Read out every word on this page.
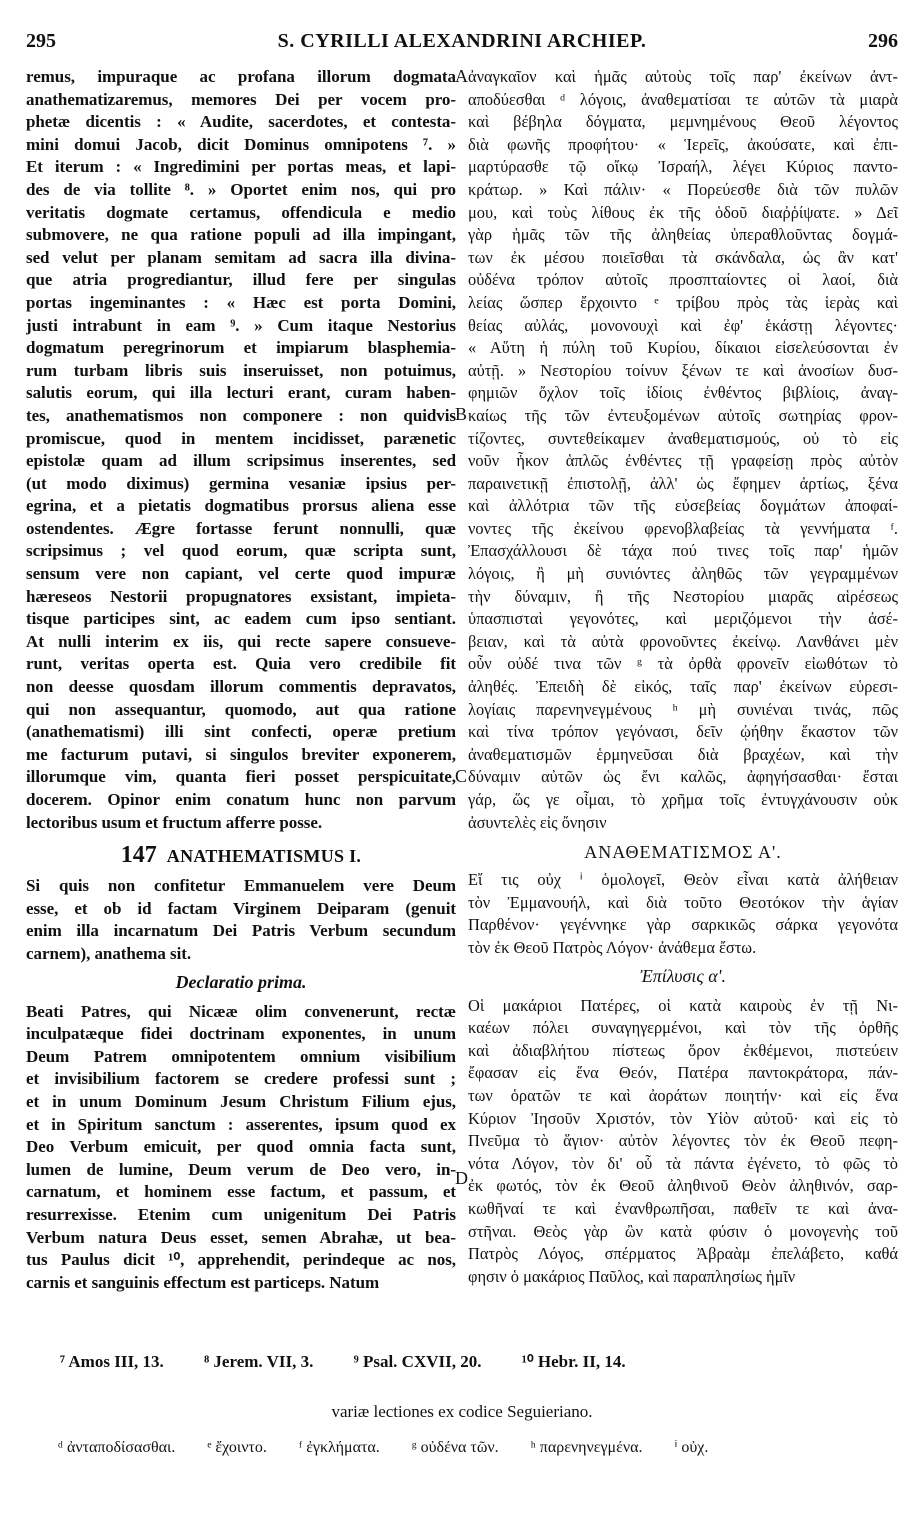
295	S. CYRILLI ALEXANDRINI ARCHIEP.	296
remus, impuraque ac profana illorum dogmata
anathematizaremus, memores Dei per vocem pro-
phetæ dicentis : « Audite, sacerdotes, et contesta-
mini domui Jacob, dicit Dominus omnipotens ⁷. »
Et iterum : « Ingredimini per portas meas, et lapi-
des de via tollite ⁸. » Oportet enim nos, qui pro
veritatis dogmate certamus, offendicula e medio
submovere, ne qua ratione populi ad illa impingant,
sed velut per planam semitam ad sacra illa divina-
que atria progrediantur, illud fere per singulas
portas ingeminantes : « Hæc est porta Domini,
justi intrabunt in eam ⁹. » Cum itaque Nestorius
dogmatum peregrinorum et impiarum blasphemia-
rum turbam libris suis inseruisset, non potuimus,
salutis eorum, qui illa lecturi erant, curam haben-
tes, anathematismos non componere : non quidvis
promiscue, quod in mentem incidisset, parænetic
epistolæ quam ad illum scripsimus inserentes, sed
(ut modo diximus) germina vesaniæ ipsius per-
egrina, et a pietatis dogmatibus prorsus aliena esse
ostendentes. Ægre fortasse ferunt nonnulli, quæ
scripsimus ; vel quod eorum, quæ scripta sunt,
sensum vere non capiant, vel certe quod impuræ
hæreseos Nestorii propugnatores exsistant, impieta-
tisque participes sint, ac eadem cum ipso sentiant.
At nulli interim ex iis, qui recte sapere consueve-
runt, veritas operta est. Quia vero credibile fit
non deesse quosdam illorum commentis depravatos,
qui non assequantur, quomodo, aut qua ratione
(anathematismi) illi sint confecti, operæ pretium
me facturum putavi, si singulos breviter exponerem,
illorumque vim, quanta fieri posset perspicuitate,
docerem. Opinor enim conatum hunc non parvum
lectoribus usum et fructum afferre posse.
147 ANATHEMATISMUS I.
Si quis non confitetur Emmanuelem vere Deum
esse, et ob id factam Virginem Deiparam (genuit
enim illa incarnatum Dei Patris Verbum secundum
carnem), anathema sit.
Declaratio prima.
Beati Patres, qui Nicææ olim convenerunt, rectæ
inculpatæque fidei doctrinam exponentes, in unum
Deum Patrem omnipotentem omnium visibilium
et invisibilium factorem se credere professi sunt ;
et in unum Dominum Jesum Christum Filium ejus,
et in Spiritum sanctum : asserentes, ipsum quod ex
Deo Verbum emicuit, per quod omnia facta sunt,
lumen de lumine, Deum verum de Deo vero, in-
carnatum, et hominem esse factum, et passum, et
resurrexisse. Etenim cum unigenitum Dei Patris
Verbum natura Deus esset, semen Abrahæ, ut bea-
tus Paulus dicit ¹⁰, apprehendit, perindeque ac nos,
carnis et sanguinis effectum est particeps. Natum
ἀναγκαῖον καὶ ἡμᾶς αὐτοὺς τοῖς παρ' ἐκείνων ἀντ-
αποδύεσθαι ᵈ λόγοις, ἀναθεματίσαι τε αὐτῶν τὰ μιαρὰ
καὶ βέβηλα δόγματα, μεμνημένους Θεοῦ λέγοντος
διὰ φωνῆς προφήτου· « Ἱερεῖς, ἀκούσατε, καὶ ἐπι-
μαρτύρασθε τῷ οἴκῳ Ἰσραήλ, λέγει Κύριος παντο-
κράτωρ. » Καὶ πάλιν· « Πορεύεσθε διὰ τῶν πυλῶν
μου, καὶ τοὺς λίθους ἐκ τῆς ὁδοῦ διαῤῥίψατε. » Δεῖ
γὰρ ἡμᾶς τῶν τῆς ἀληθείας ὑπεραθλοῦντας δογμά-
των ἐκ μέσου ποιεῖσθαι τὰ σκάνδαλα, ὡς ἂν κατ'
οὐδένα τρόπον αὐτοῖς προσπταίοντες οἱ λαοί, διὰ
λείας ὥσπερ ἔρχοιντο ᵉ τρίβου πρὸς τὰς ἱερὰς καὶ
θείας αὐλάς, μονονουχὶ καὶ ἐφ' ἑκάστῃ λέγοντες·
« Αὕτη ἡ πύλη τοῦ Κυρίου, δίκαιοι εἰσελεύσονται ἐν
αὐτῇ. » Νεστορίου τοίνυν ξένων τε καὶ ἀνοσίων δυσ-
φημιῶν ὄχλον τοῖς ἰδίοις ἐνθέντος βιβλίοις, ἀναγ-
καίως τῆς τῶν ἐντευξομένων αὐτοῖς σωτηρίας φρον-
τίζοντες, συντεθείκαμεν ἀναθεματισμούς, οὐ τὸ εἰς
νοῦν ἧκον ἁπλῶς ἐνθέντες τῇ γραφείσῃ πρὸς αὐτὸν
παραινετικῇ ἐπιστολῇ, ἀλλ' ὡς ἔφημεν ἀρτίως, ξένα
καὶ ἀλλότρια τῶν τῆς εὐσεβείας δογμάτων ἀποφαί-
νοντες τῆς ἐκείνου φρενοβλαβείας τὰ γεννήματα ᶠ.
Ἐπασχάλλουσι δὲ τάχα πού τινες τοῖς παρ' ἡμῶν
λόγοις, ἢ μὴ συνιόντες ἀληθῶς τῶν γεγραμμένων
τὴν δύναμιν, ἢ τῆς Νεστορίου μιαρᾶς αἱρέσεως
ὑπασπισταὶ γεγονότες, καὶ μεριζόμενοι τὴν ἀσέ-
βειαν, καὶ τὰ αὐτὰ φρονοῦντες ἐκείνῳ. Λανθάνει μὲν
οὖν οὐδέ τινα τῶν ᵍ τὰ ὀρθὰ φρονεῖν εἰωθότων τὸ
ἀληθές. Ἐπειδὴ δὲ εἰκός, ταῖς παρ' ἐκείνων εὑρεσι-
λογίαις παρενηνεγμένους ʰ μὴ συνιέναι τινάς, πῶς
καὶ τίνα τρόπον γεγόνασι, δεῖν ᾠήθην ἕκαστον τῶν
ἀναθεματισμῶν ἑρμηνεῦσαι διὰ βραχέων, καὶ τὴν
δύναμιν αὐτῶν ὡς ἔνι καλῶς, ἀφηγήσασθαι· ἔσται
γάρ, ὥς γε οἶμαι, τὸ χρῆμα τοῖς ἐντυγχάνουσιν οὐκ
ἀσυντελὲς εἰς ὄνησιν
ΑΝΑΘΕΜΑΤΙΣΜΟΣ Α'.
Εἴ τις οὐχ ⁱ ὁμολογεῖ, Θεὸν εἶναι κατὰ ἀλήθειαν
τὸν Ἐμμανουήλ, καὶ διὰ τοῦτο Θεοτόκον τὴν ἁγίαν
Παρθένον· γεγέννηκε γὰρ σαρκικῶς σάρκα γεγονότα
τὸν ἐκ Θεοῦ Πατρὸς Λόγον· ἀνάθεμα ἔστω.
Ἐπίλυσις α'.
Οἱ μακάριοι Πατέρες, οἱ κατὰ καιροὺς ἐν τῇ Νι-
καέων πόλει συναγηγερμένοι, καὶ τὸν τῆς ὀρθῆς
καὶ ἀδιαβλήτου πίστεως ὅρον ἐκθέμενοι, πιστεύειν
ἔφασαν εἰς ἕνα Θεόν, Πατέρα παντοκράτορα, πάν-
των ὁρατῶν τε καὶ ἀοράτων ποιητήν· καὶ εἰς ἕνα
Κύριον Ἰησοῦν Χριστόν, τὸν Υἱὸν αὐτοῦ· καὶ εἰς τὸ
Πνεῦμα τὸ ἅγιον· αὐτὸν λέγοντες τὸν ἐκ Θεοῦ πεφη-
νότα Λόγον, τὸν δι' οὗ τὰ πάντα ἐγένετο, τὸ φῶς τὸ
ἐκ φωτός, τὸν ἐκ Θεοῦ ἀληθινοῦ Θεὸν ἀληθινόν, σαρ-
κωθῆναί τε καὶ ἐνανθρωπῆσαι, παθεῖν τε καὶ ἀνα-
στῆναι. Θεὸς γὰρ ὢν κατὰ φύσιν ὁ μονογενὴς τοῦ
Πατρὸς Λόγος, σπέρματος Ἀβραὰμ ἐπελάβετο, καθά
φησιν ὁ μακάριος Παῦλος, καὶ παραπλησίως ἡμῖν
A
B
C
D
⁷ Amos III, 13. ⁸ Jerem. VII, 3. ⁹ Psal. CXVII, 20. ¹⁰ Hebr. II, 14.
variæ lectiones ex codice Seguieriano.
ᵈ ἀνταποδίσασθαι. ᵉ ἔχοιντο. ᶠ ἐγκλήματα. ᵍ οὐδένα τῶν. ʰ παρενηνεγμένα. ⁱ οὐχ.
